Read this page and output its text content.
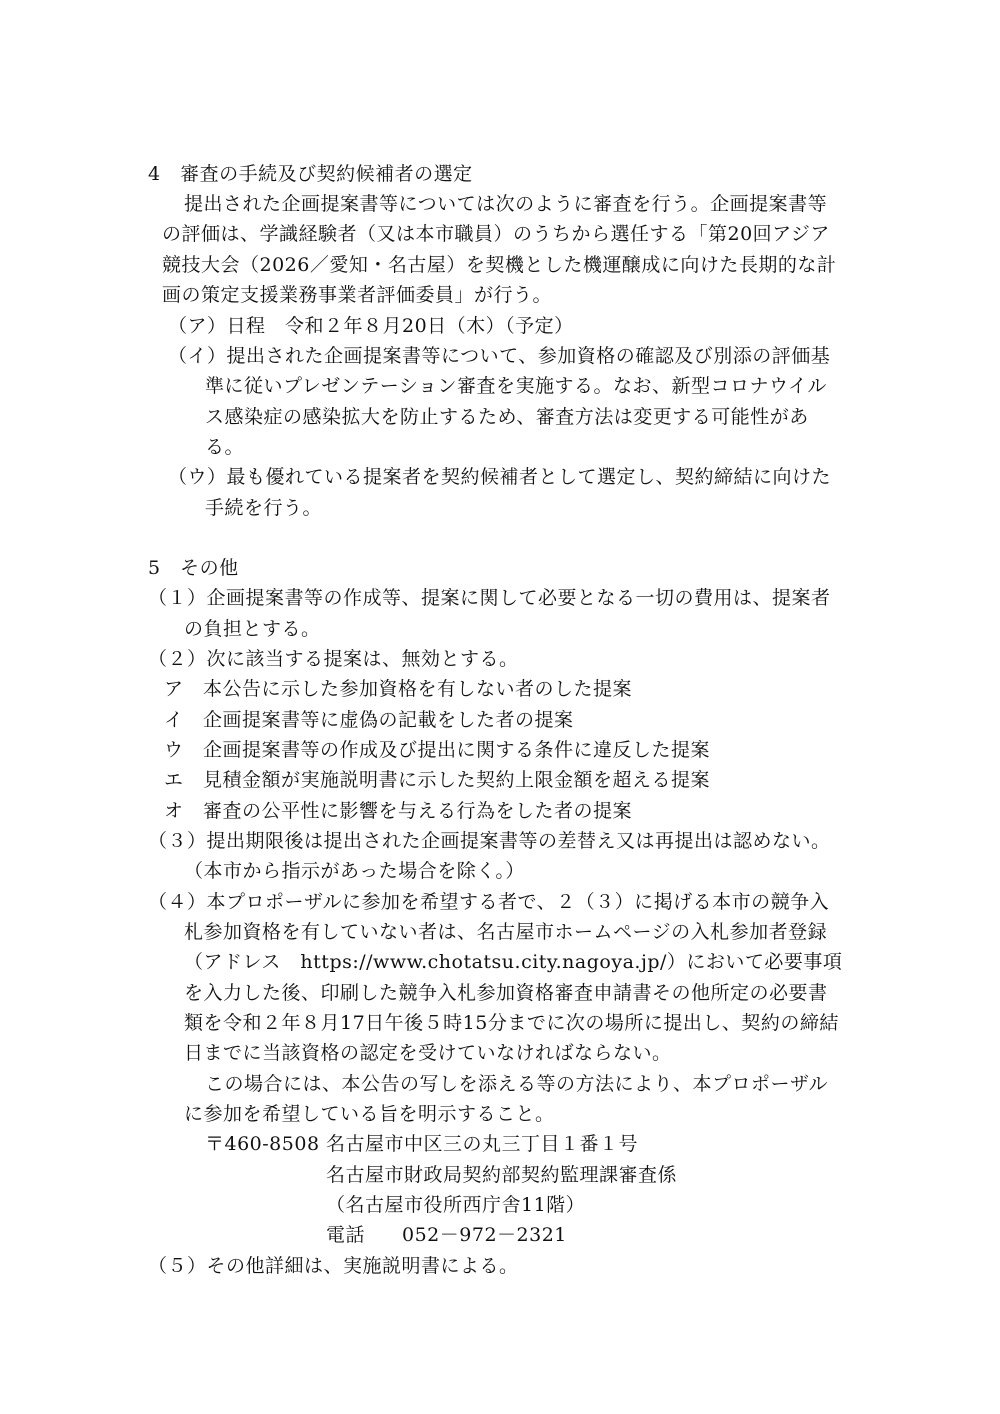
4　審査の手続及び契約候補者の選定
提出された企画提案書等については次のように審査を行う。企画提案書等
の評価は、学識経験者（又は本市職員）のうちから選任する「第20回アジア
競技大会（2026／愛知・名古屋）を契機とした機運醸成に向けた長期的な計
画の策定支援業務事業者評価委員」が行う。
（ア）日程　令和２年８月20日（木）（予定）
（イ）提出された企画提案書等について、参加資格の確認及び別添の評価基
準に従いプレゼンテーション審査を実施する。なお、新型コロナウイル
ス感染症の感染拡大を防止するため、審査方法は変更する可能性があ
る。
（ウ）最も優れている提案者を契約候補者として選定し、契約締結に向けた
手続を行う。
5　その他
（１）企画提案書等の作成等、提案に関して必要となる一切の費用は、提案者
の負担とする。
（２）次に該当する提案は、無効とする。
ア　本公告に示した参加資格を有しない者のした提案
イ　企画提案書等に虚偽の記載をした者の提案
ウ　企画提案書等の作成及び提出に関する条件に違反した提案
エ　見積金額が実施説明書に示した契約上限金額を超える提案
オ　審査の公平性に影響を与える行為をした者の提案
（３）提出期限後は提出された企画提案書等の差替え又は再提出は認めない。
（本市から指示があった場合を除く。）
（４）本プロポーザルに参加を希望する者で、２（３）に掲げる本市の競争入
札参加資格を有していない者は、名古屋市ホームページの入札参加者登録
（アドレス　https://www.chotatsu.city.nagoya.jp/）において必要事項
を入力した後、印刷した競争入札参加資格審査申請書その他所定の必要書
類を令和２年８月17日午後５時15分までに次の場所に提出し、契約の締結
日までに当該資格の認定を受けていなければならない。
この場合には、本公告の写しを添える等の方法により、本プロポーザル
に参加を希望している旨を明示すること。
〒460-8508 名古屋市中区三の丸三丁目１番１号
名古屋市財政局契約部契約監理課審査係
（名古屋市役所西庁舎11階）
電話 052－972－2321
（５）その他詳細は、実施説明書による。
